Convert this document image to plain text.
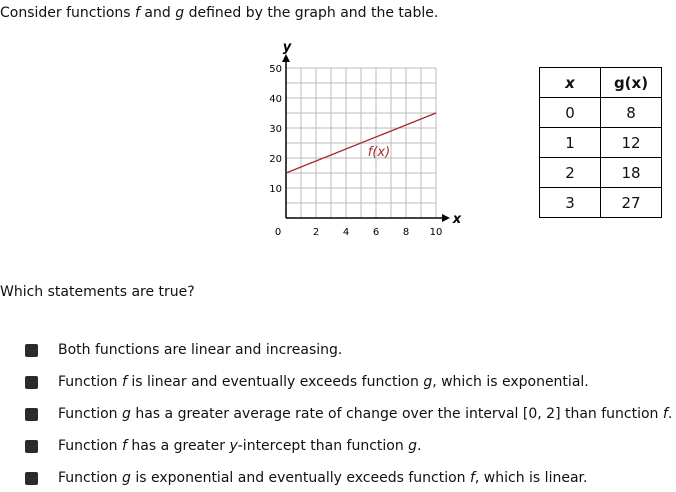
Consider functions f and g defined by the graph and the table.
y
x
0	2 4 6 8 10
10
20
30
40
50
f(x)
x	g(x)
0	8
1	12
2	18
3	27
Which statements are true?
Both functions are linear and increasing.
Function f is linear and eventually exceeds function g, which is exponential.
Function g has a greater average rate of change over the interval [0, 2] than function f.
Function f has a greater y-intercept than function g.
Function g is exponential and eventually exceeds function f, which is linear.
